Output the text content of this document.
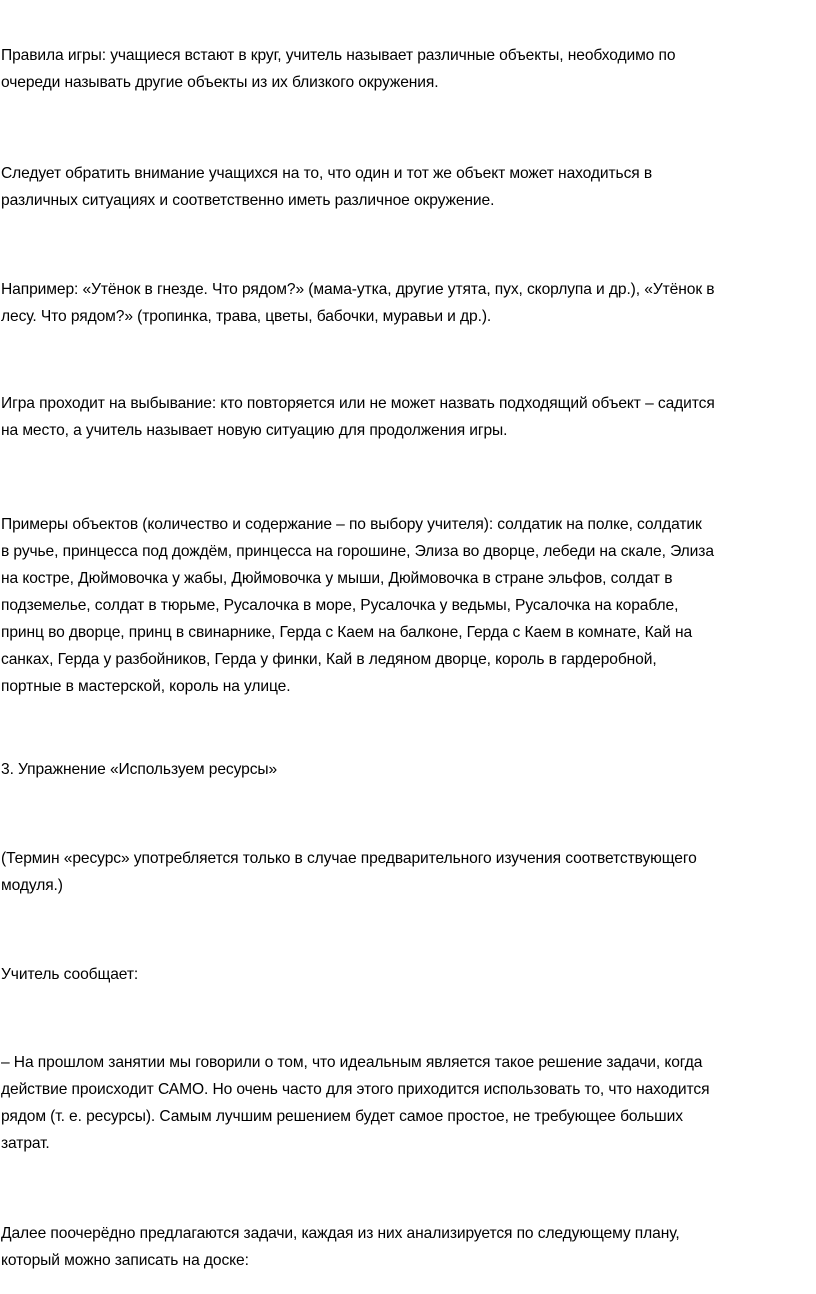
Правила игры: учащиеся встают в круг, учитель называет различные объекты, необходимо по
очереди называть другие объекты из их близкого окружения.

Следует обратить внимание учащихся на то, что один и тот же объект может находиться в
различных ситуациях и соответственно иметь различное окружение.

Например: «Утёнок в гнезде. Что рядом?» (мама-утка, другие утята, пух, скорлупа и др.), «Утёнок в
лесу. Что рядом?» (тропинка, трава, цветы, бабочки, муравьи и др.).

Игра проходит на выбывание: кто повторяется или не может назвать подходящий объект – садится
на место, а учитель называет новую ситуацию для продолжения игры.

Примеры объектов (количество и содержание – по выбору учителя): солдатик на полке, солдатик
в ручье, принцесса под дождём, принцесса на горошине, Элиза во дворце, лебеди на скале, Элиза
на костре, Дюймовочка у жабы, Дюймовочка у мыши, Дюймовочка в стране эльфов, солдат в
подземелье, солдат в тюрьме, Русалочка в море, Русалочка у ведьмы, Русалочка на корабле,
принц во дворце, принц в свинарнике, Герда с Каем на балконе, Герда с Каем в комнате, Кай на
санках, Герда у разбойников, Герда у финки, Кай в ледяном дворце, король в гардеробной,
портные в мастерской, король на улице.

3. Упражнение «Используем ресурсы»

(Термин «ресурс» употребляется только в случае предварительного изучения соответствующего
модуля.)

Учитель сообщает:

– На прошлом занятии мы говорили о том, что идеальным является такое решение задачи, когда
действие происходит САМО. Но очень часто для этого приходится использовать то, что находится
рядом (т. е. ресурсы). Самым лучшим решением будет самое простое, не требующее больших
затрат.

Далее поочерёдно предлагаются задачи, каждая из них анализируется по следующему плану,
который можно записать на доске:
